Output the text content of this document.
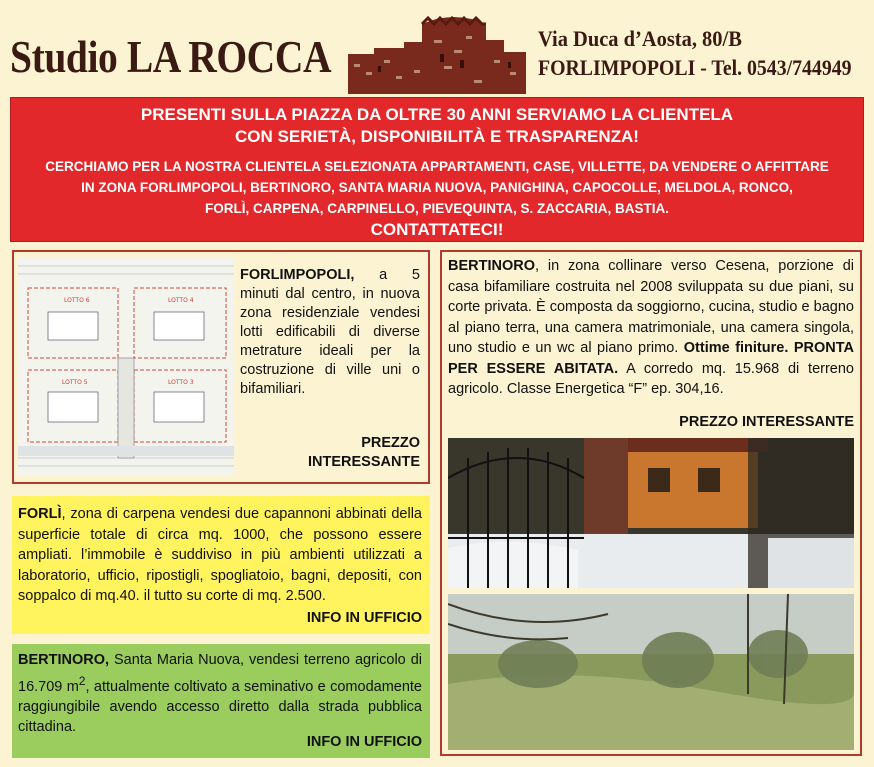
Studio LA ROCCA	Via Duca d’Aosta, 80/B
FORLIMPOPOLI - Tel. 0543/744949
PRESENTI SULLA PIAZZA DA OLTRE 30 ANNI SERVIAMO LA CLIENTELA
CON SERIETÀ, DISPONIBILITÀ E TRASPARENZA!
CERCHIAMO PER LA NOSTRA CLIENTELA SELEZIONATA APPARTAMENTI, CASE, VILLETTE, DA VENDERE O AFFITTARE
IN ZONA FORLIMPOPOLI, BERTINORO, SANTA MARIA NUOVA, PANIGHINA, CAPOCOLLE, MELDOLA, RONCO,
FORLÌ, CARPENA, CARPINELLO, PIEVEQUINTA, S. ZACCARIA, BASTIA.
CONTATTATECI!
LOTTO 6	LOTTO 4
LOTTO 5	LOTTO 3
FORLIMPOPOLI, a 5 minuti dal centro, in nuova zona residenziale vendesi lotti edificabili di diverse metrature ideali per la costruzione di ville uni o bifamiliari.
PREZZO
INTERESSANTE
BERTINORO, in zona collinare verso Cesena, porzione di casa bifamiliare costruita nel 2008 sviluppata su due piani, su corte privata. È composta da soggiorno, cucina, studio e bagno al piano terra, una camera matrimoniale, una camera singola, uno studio e un wc al piano primo. Ottime finiture. PRONTA PER ESSERE ABITATA. A corredo mq. 15.968 di terreno agricolo. Classe Energetica “F” ep. 304,16.
PREZZO INTERESSANTE
FORLÌ, zona di carpena vendesi due capannoni abbinati della superficie totale di circa mq. 1000, che possono essere ampliati. l’immobile è suddiviso in più ambienti utilizzati a laboratorio, ufficio, ripostigli, spogliatoio, bagni, depositi, con soppalco di mq.40. il tutto su corte di mq. 2.500.
INFO IN UFFICIO
BERTINORO, Santa Maria Nuova, vendesi terreno agricolo di 16.709 $m^2$, attualmente coltivato a seminativo e comodamente raggiungibile avendo accesso diretto dalla strada pubblica cittadina.
INFO IN UFFICIO
